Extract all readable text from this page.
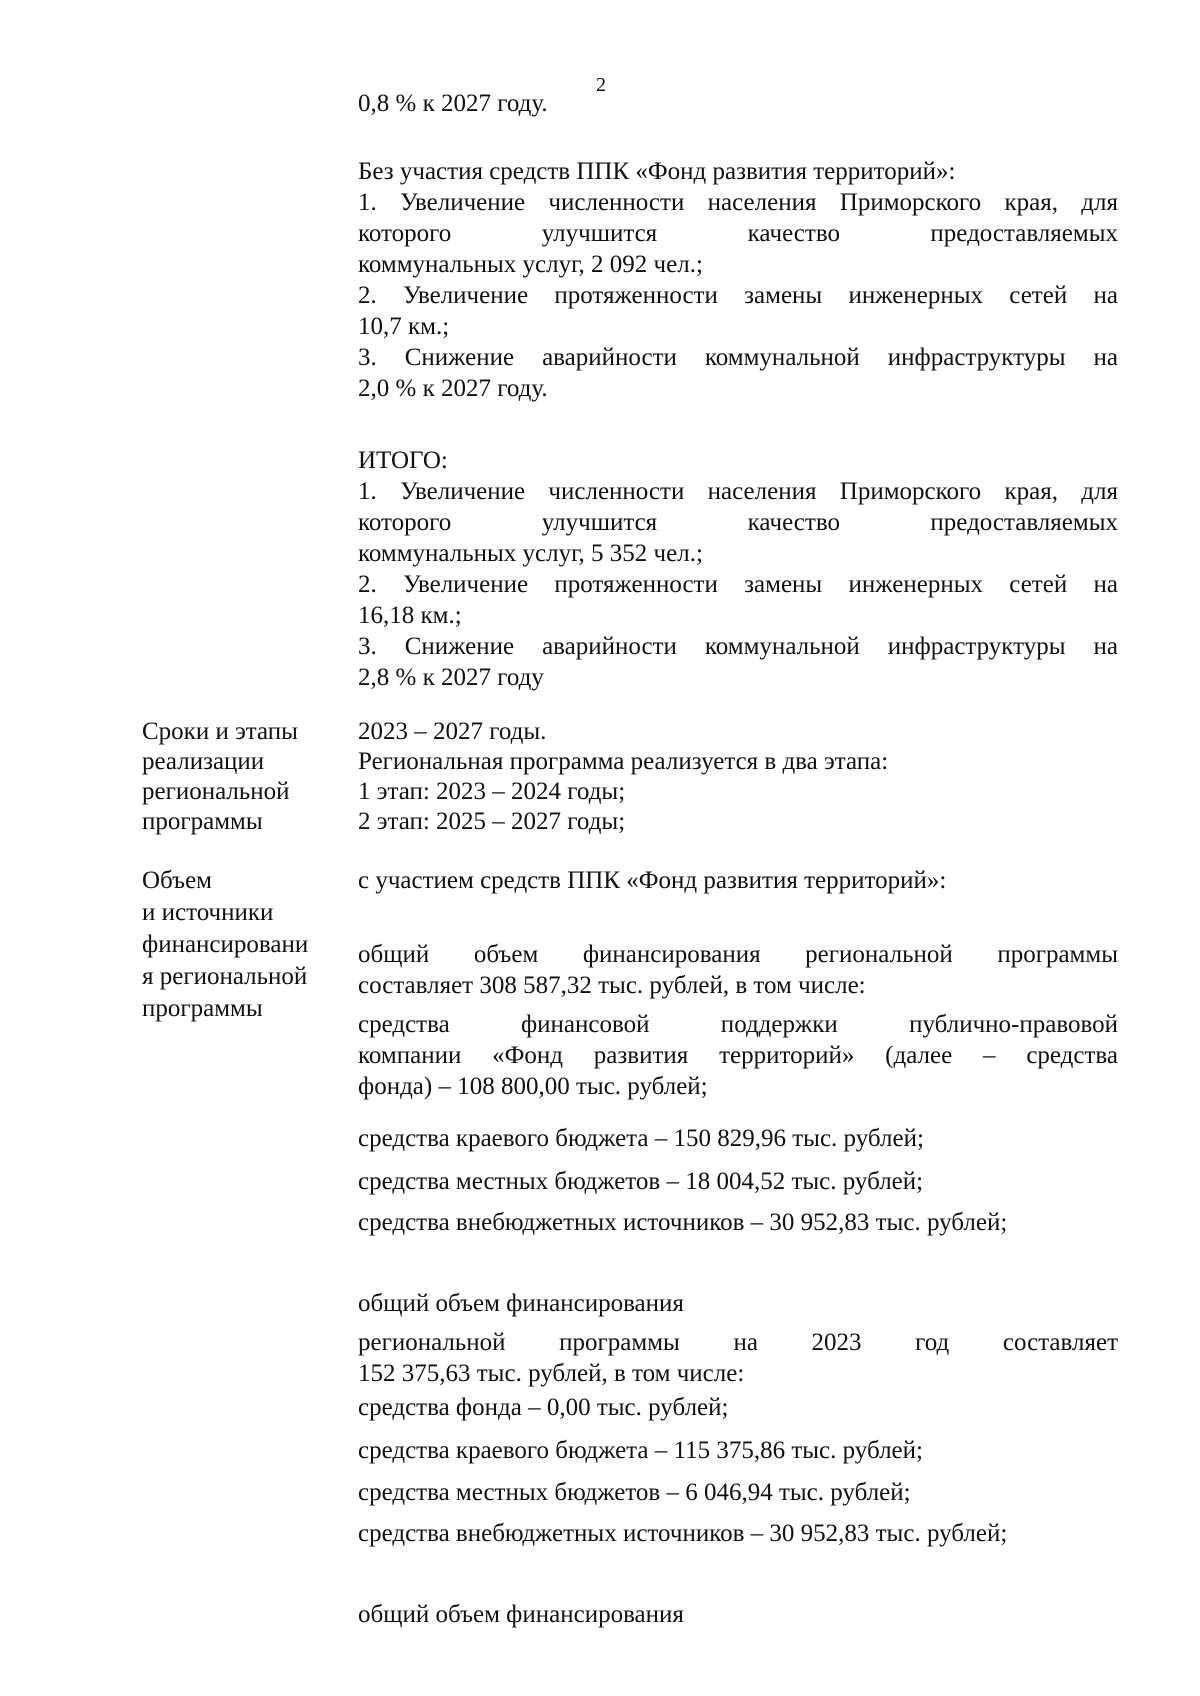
2
0,8 % к 2027 году.
Без участия средств ППК «Фонд развития территорий»:
1. Увеличение численности населения Приморского края, для
которого улучшится качество предоставляемых
коммунальных услуг, 2 092 чел.;
2. Увеличение протяженности замены инженерных сетей на
10,7 км.;
3. Снижение аварийности коммунальной инфраструктуры на
2,0 % к 2027 году.
ИТОГО:
1. Увеличение численности населения Приморского края, для
которого улучшится качество предоставляемых
коммунальных услуг, 5 352 чел.;
2. Увеличение протяженности замены инженерных сетей на
16,18 км.;
3. Снижение аварийности коммунальной инфраструктуры на
2,8 % к 2027 году
Сроки и этапы
реализации
региональной
программы
2023 – 2027 годы.
Региональная программа реализуется в два этапа:
1 этап: 2023 – 2024 годы;
2 этап: 2025 – 2027 годы;
Объем
и источники
финансировани
я региональной
программы
с участием средств ППК «Фонд развития территорий»:
общий объем финансирования региональной программы
составляет 308 587,32 тыс. рублей, в том числе:
средства финансовой поддержки публично-правовой
компании «Фонд развития территорий» (далее – средства
фонда) – 108 800,00 тыс. рублей;
средства краевого бюджета – 150 829,96 тыс. рублей;
средства местных бюджетов – 18 004,52 тыс. рублей;
средства внебюджетных источников – 30 952,83 тыс. рублей;
общий объем финансирования
региональной программы на 2023 год составляет
152 375,63 тыс. рублей, в том числе:
средства фонда – 0,00 тыс. рублей;
средства краевого бюджета – 115 375,86 тыс. рублей;
средства местных бюджетов – 6 046,94 тыс. рублей;
средства внебюджетных источников – 30 952,83 тыс. рублей;
общий объем финансирования
